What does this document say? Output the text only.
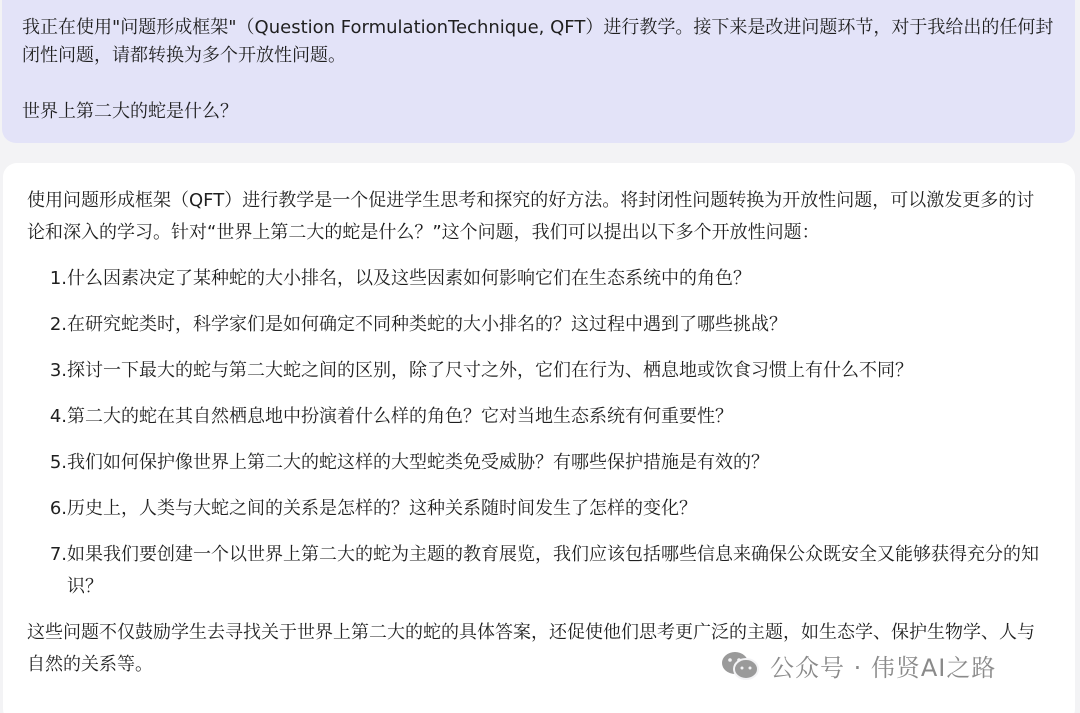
我正在使用"问题形成框架"（Question FormulationTechnique, QFT）进行教学。接下来是改进问题环节，对于我给出的任何封闭性问题，请都转换为多个开放性问题。

世界上第二大的蛇是什么？

使用问题形成框架（QFT）进行教学是一个促进学生思考和探究的好方法。将封闭性问题转换为开放性问题，可以激发更多的讨论和深入的学习。针对“世界上第二大的蛇是什么？”这个问题，我们可以提出以下多个开放性问题：

1. 什么因素决定了某种蛇的大小排名，以及这些因素如何影响它们在生态系统中的角色？
2. 在研究蛇类时，科学家们是如何确定不同种类蛇的大小排名的？这过程中遇到了哪些挑战？
3. 探讨一下最大的蛇与第二大蛇之间的区别，除了尺寸之外，它们在行为、栖息地或饮食习惯上有什么不同？
4. 第二大的蛇在其自然栖息地中扮演着什么样的角色？它对当地生态系统有何重要性？
5. 我们如何保护像世界上第二大的蛇这样的大型蛇类免受威胁？有哪些保护措施是有效的？
6. 历史上，人类与大蛇之间的关系是怎样的？这种关系随时间发生了怎样的变化？
7. 如果我们要创建一个以世界上第二大的蛇为主题的教育展览，我们应该包括哪些信息来确保公众既安全又能够获得充分的知识？

这些问题不仅鼓励学生去寻找关于世界上第二大的蛇的具体答案，还促使他们思考更广泛的主题，如生态学、保护生物学、人与自然的关系等。	公众号 · 伟贤AI之路
